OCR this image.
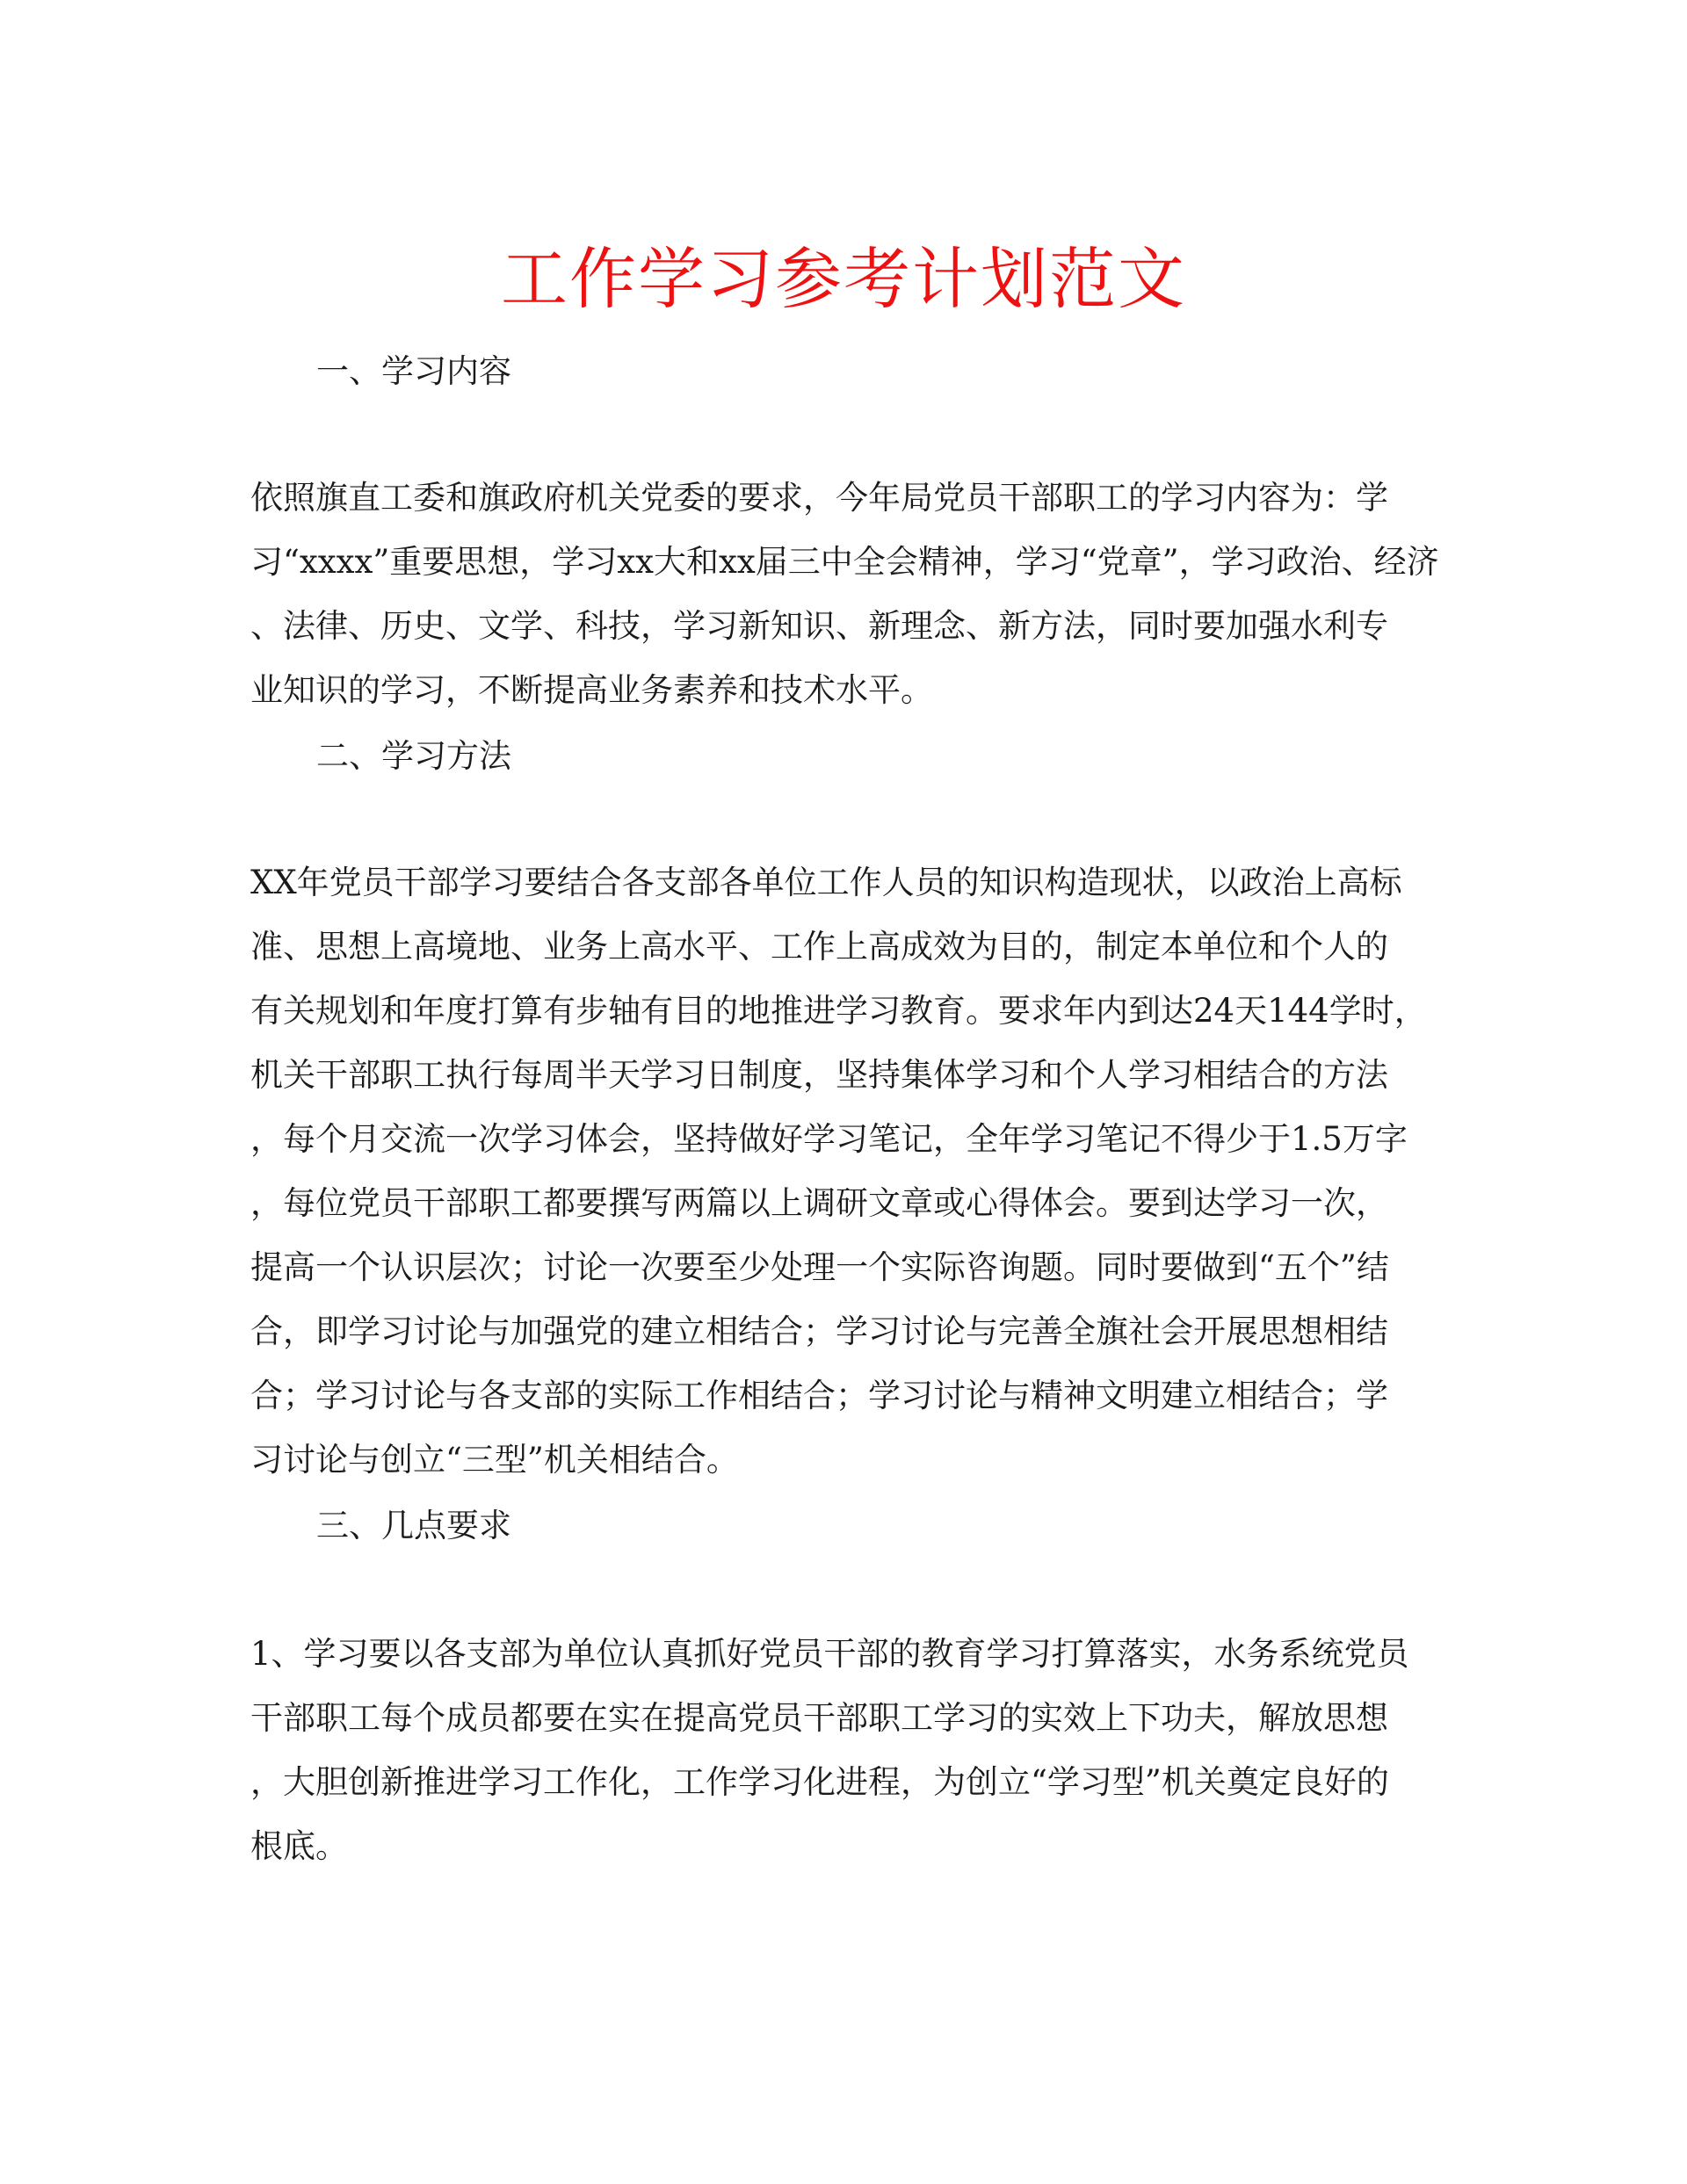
工作学习参考计划范文
一、学习内容
依照旗直工委和旗政府机关党委的要求，今年局党员干部职工的学习内容为：学
习“xxxx”重要思想，学习xx大和xx届三中全会精神，学习“党章”，学习政治、经济
、法律、历史、文学、科技，学习新知识、新理念、新方法，同时要加强水利专
业知识的学习，不断提高业务素养和技术水平。
二、学习方法
XX年党员干部学习要结合各支部各单位工作人员的知识构造现状，以政治上高标
准、思想上高境地、业务上高水平、工作上高成效为目的，制定本单位和个人的
有关规划和年度打算有步轴有目的地推进学习教育。要求年内到达24天144学时，
机关干部职工执行每周半天学习日制度，坚持集体学习和个人学习相结合的方法
，每个月交流一次学习体会，坚持做好学习笔记，全年学习笔记不得少于1.5万字
，每位党员干部职工都要撰写两篇以上调研文章或心得体会。要到达学习一次，
提高一个认识层次；讨论一次要至少处理一个实际咨询题。同时要做到“五个”结
合，即学习讨论与加强党的建立相结合；学习讨论与完善全旗社会开展思想相结
合；学习讨论与各支部的实际工作相结合；学习讨论与精神文明建立相结合；学
习讨论与创立“三型”机关相结合。
三、几点要求
1、学习要以各支部为单位认真抓好党员干部的教育学习打算落实，水务系统党员
干部职工每个成员都要在实在提高党员干部职工学习的实效上下功夫，解放思想
，大胆创新推进学习工作化，工作学习化进程，为创立“学习型”机关奠定良好的
根底。
